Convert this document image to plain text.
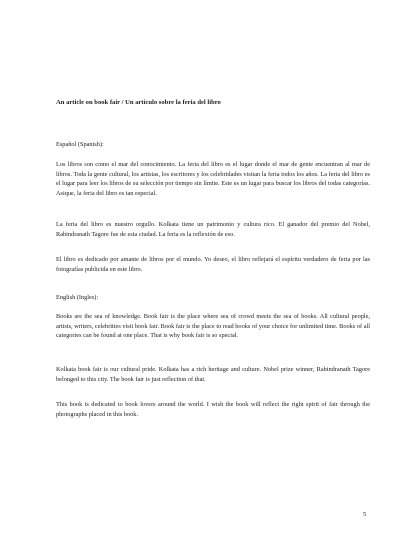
An article on book fair / Un artículo sobre la feria del libro
Español (Spanish):

Los libros son como el mar del conocimiento. La feria del libro es el lugar donde el mar de gente encuentran al mar de libros. Toda la gente cultural, los artistas, los escritores y los celebridades visitan la feria todos los años. La feria del libro es el lugar para leer los libros de su selección por tiempo sin límite. Este es un lugar para buscar los libros del todas categorías. Asique, la feria del libro es tan especial.

La feria del libro es nuestro orgullo. Kolkata tiene un patrimonio y cultura rico. El ganador del premio del Nobel, Rabindranath Tagore fue de esta ciudad. La feria es la reflexión de eso.

El libro es dedicado por amante de libros por el mundo. Yo deseo, el libro reflejará el espíritu verdadero de feria por las fotografías publicida en este libro.

English (Ingles):

Books are the sea of knowledge. Book fair is the place where sea of crowd meets the sea of books. All cultural people, artists, writers, celebrities visit book fair. Book fair is the place to read books of your choice for unlimited time. Books of all categories can be found at one place. That is why book fair is so special.

Kolkata book fair is our cultural pride. Kolkata has a rich heritage and culture. Nobel prize winner, Rabindranath Tagore belonged to this city. The book fair is just reflection of that.

This book is dedicated to book lovers around the world. I wish the book will reflect the right spirit of fair through the photographs placed in this book.

5
